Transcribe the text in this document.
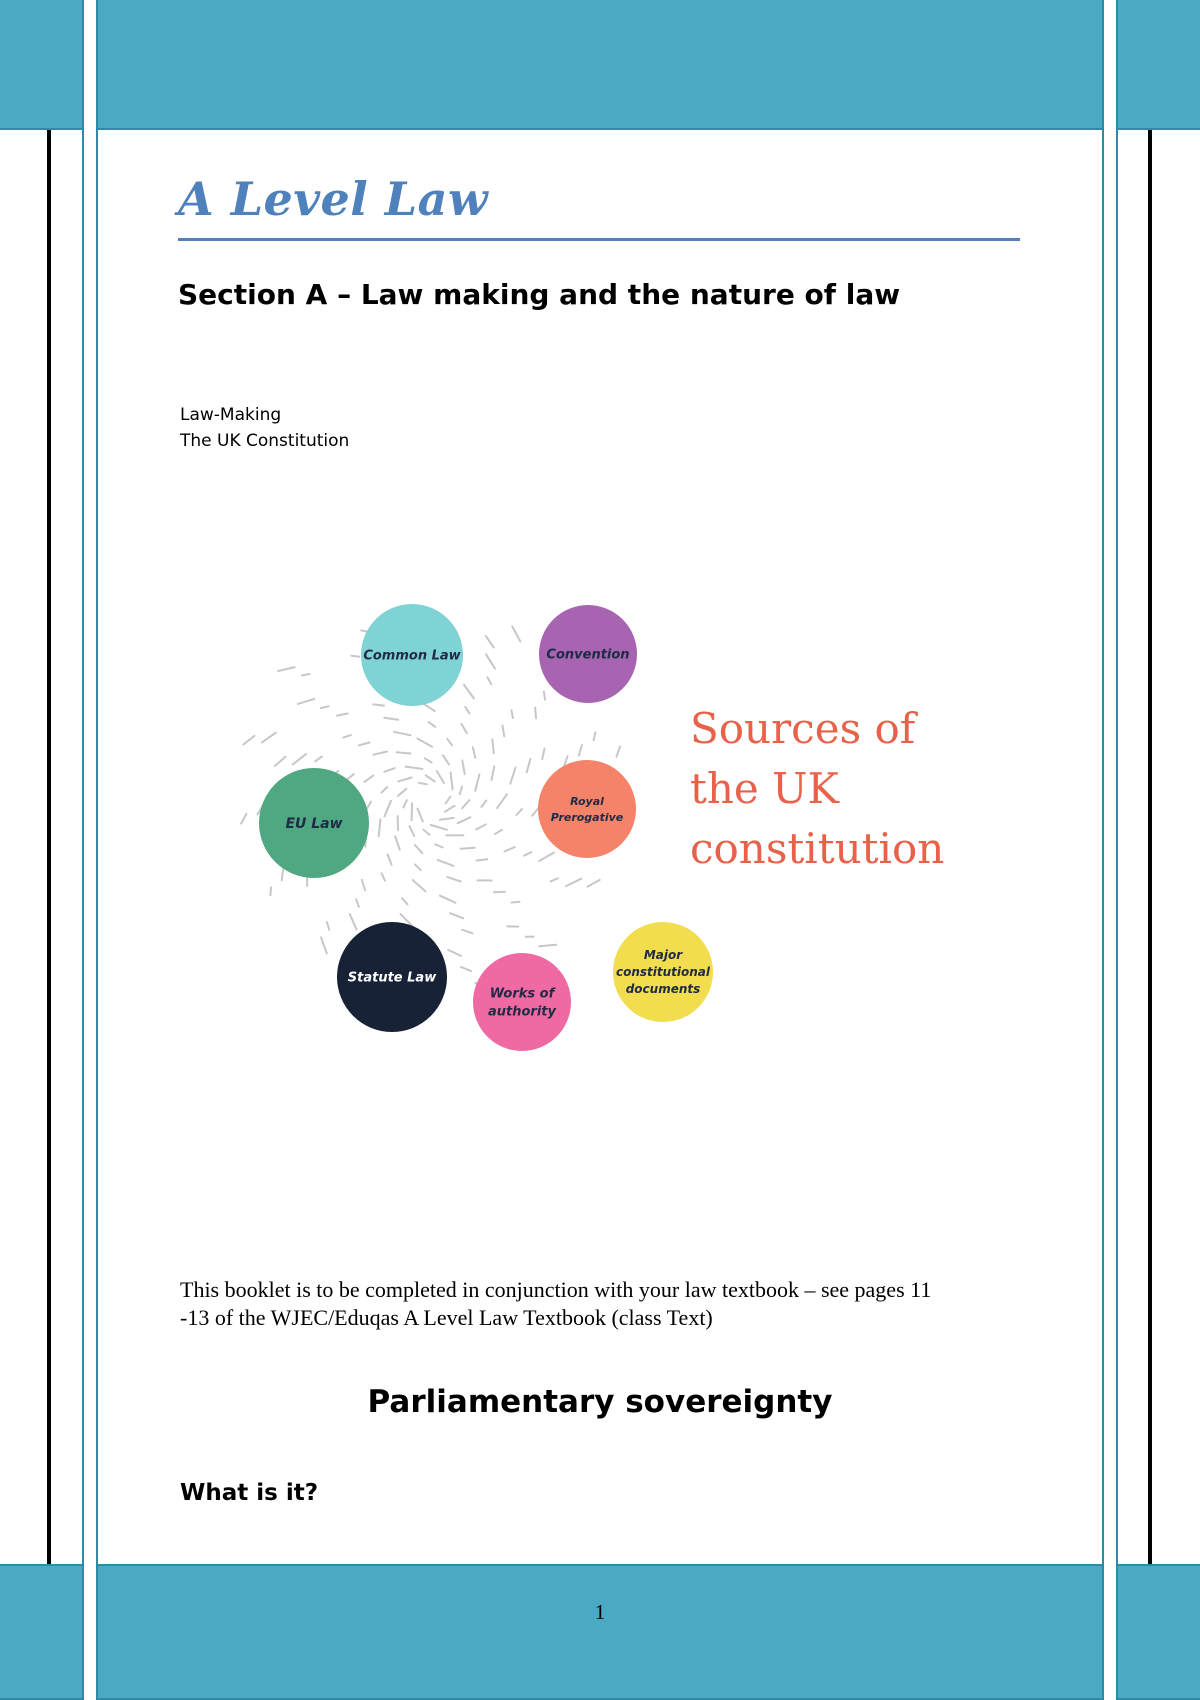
A Level Law
Section A – Law making and the nature of law
Law-Making
The UK Constitution
Common Law	Convention
Royal
Prerogative
EU Law
Statute Law
Works of
authority
Major
constitutional
documents
Sources of
the UK
constitution

This booklet is to be completed in conjunction with your law textbook – see pages 11
-13 of the WJEC/Eduqas A Level Law Textbook (class Text)

Parliamentary sovereignty
What is it?
1
